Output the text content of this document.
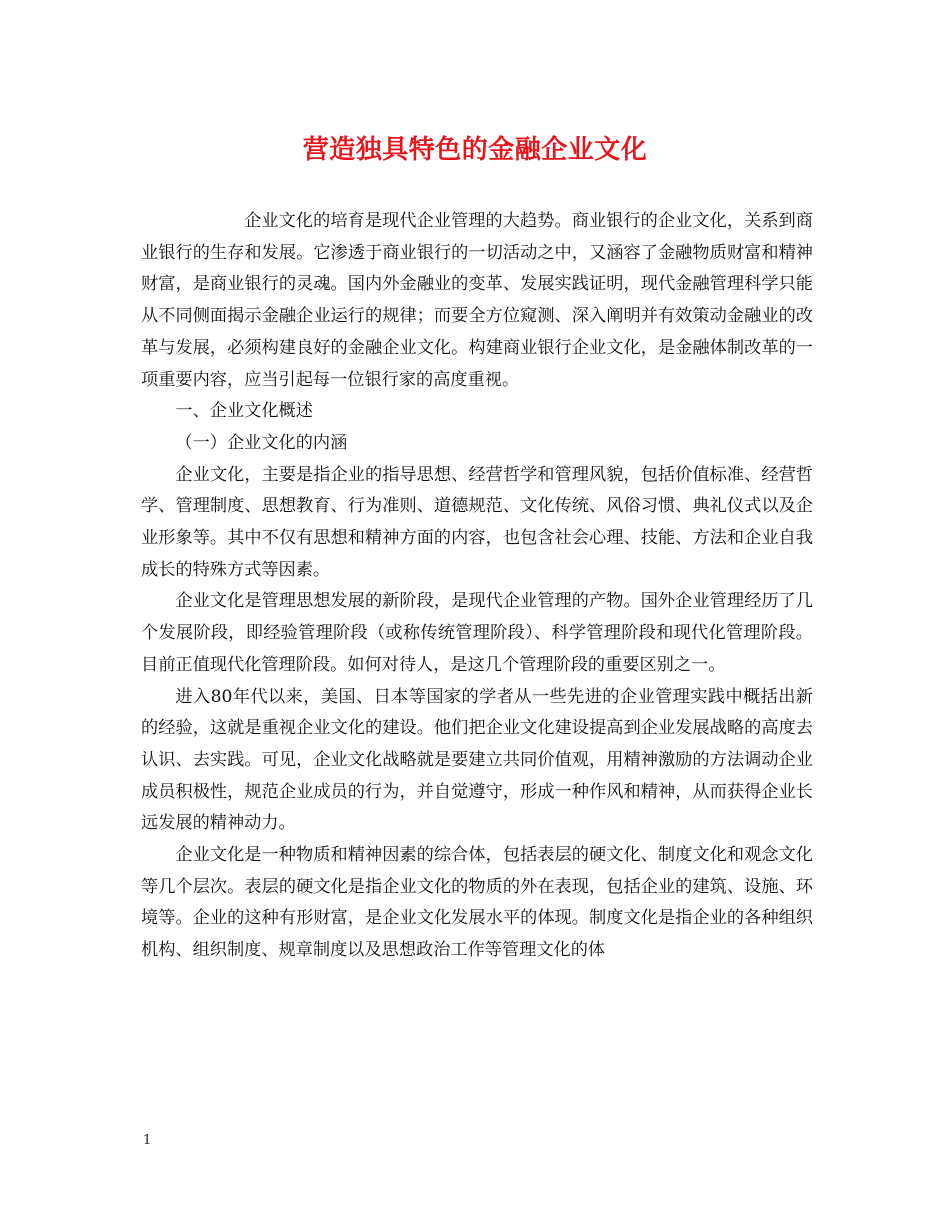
营造独具特色的金融企业文化

企业文化的培育是现代企业管理的大趋势。商业银行的企业文化，关系到商业银行的生存和发展。它渗透于商业银行的一切活动之中，又涵容了金融物质财富和精神财富，是商业银行的灵魂。国内外金融业的变革、发展实践证明，现代金融管理科学只能从不同侧面揭示金融企业运行的规律；而要全方位窥测、深入阐明并有效策动金融业的改革与发展，必须构建良好的金融企业文化。构建商业银行企业文化，是金融体制改革的一项重要内容，应当引起每一位银行家的高度重视。

一、企业文化概述

（一）企业文化的内涵

企业文化，主要是指企业的指导思想、经营哲学和管理风貌，包括价值标准、经营哲学、管理制度、思想教育、行为准则、道德规范、文化传统、风俗习惯、典礼仪式以及企业形象等。其中不仅有思想和精神方面的内容，也包含社会心理、技能、方法和企业自我成长的特殊方式等因素。

企业文化是管理思想发展的新阶段，是现代企业管理的产物。国外企业管理经历了几个发展阶段，即经验管理阶段（或称传统管理阶段）、科学管理阶段和现代化管理阶段。目前正值现代化管理阶段。如何对待人，是这几个管理阶段的重要区别之一。

进入80年代以来，美国、日本等国家的学者从一些先进的企业管理实践中概括出新的经验，这就是重视企业文化的建设。他们把企业文化建设提高到企业发展战略的高度去认识、去实践。可见，企业文化战略就是要建立共同价值观，用精神激励的方法调动企业成员积极性，规范企业成员的行为，并自觉遵守，形成一种作风和精神，从而获得企业长远发展的精神动力。

企业文化是一种物质和精神因素的综合体，包括表层的硬文化、制度文化和观念文化等几个层次。表层的硬文化是指企业文化的物质的外在表现，包括企业的建筑、设施、环境等。企业的这种有形财富，是企业文化发展水平的体现。制度文化是指企业的各种组织机构、组织制度、规章制度以及思想政治工作等管理文化的体

1
